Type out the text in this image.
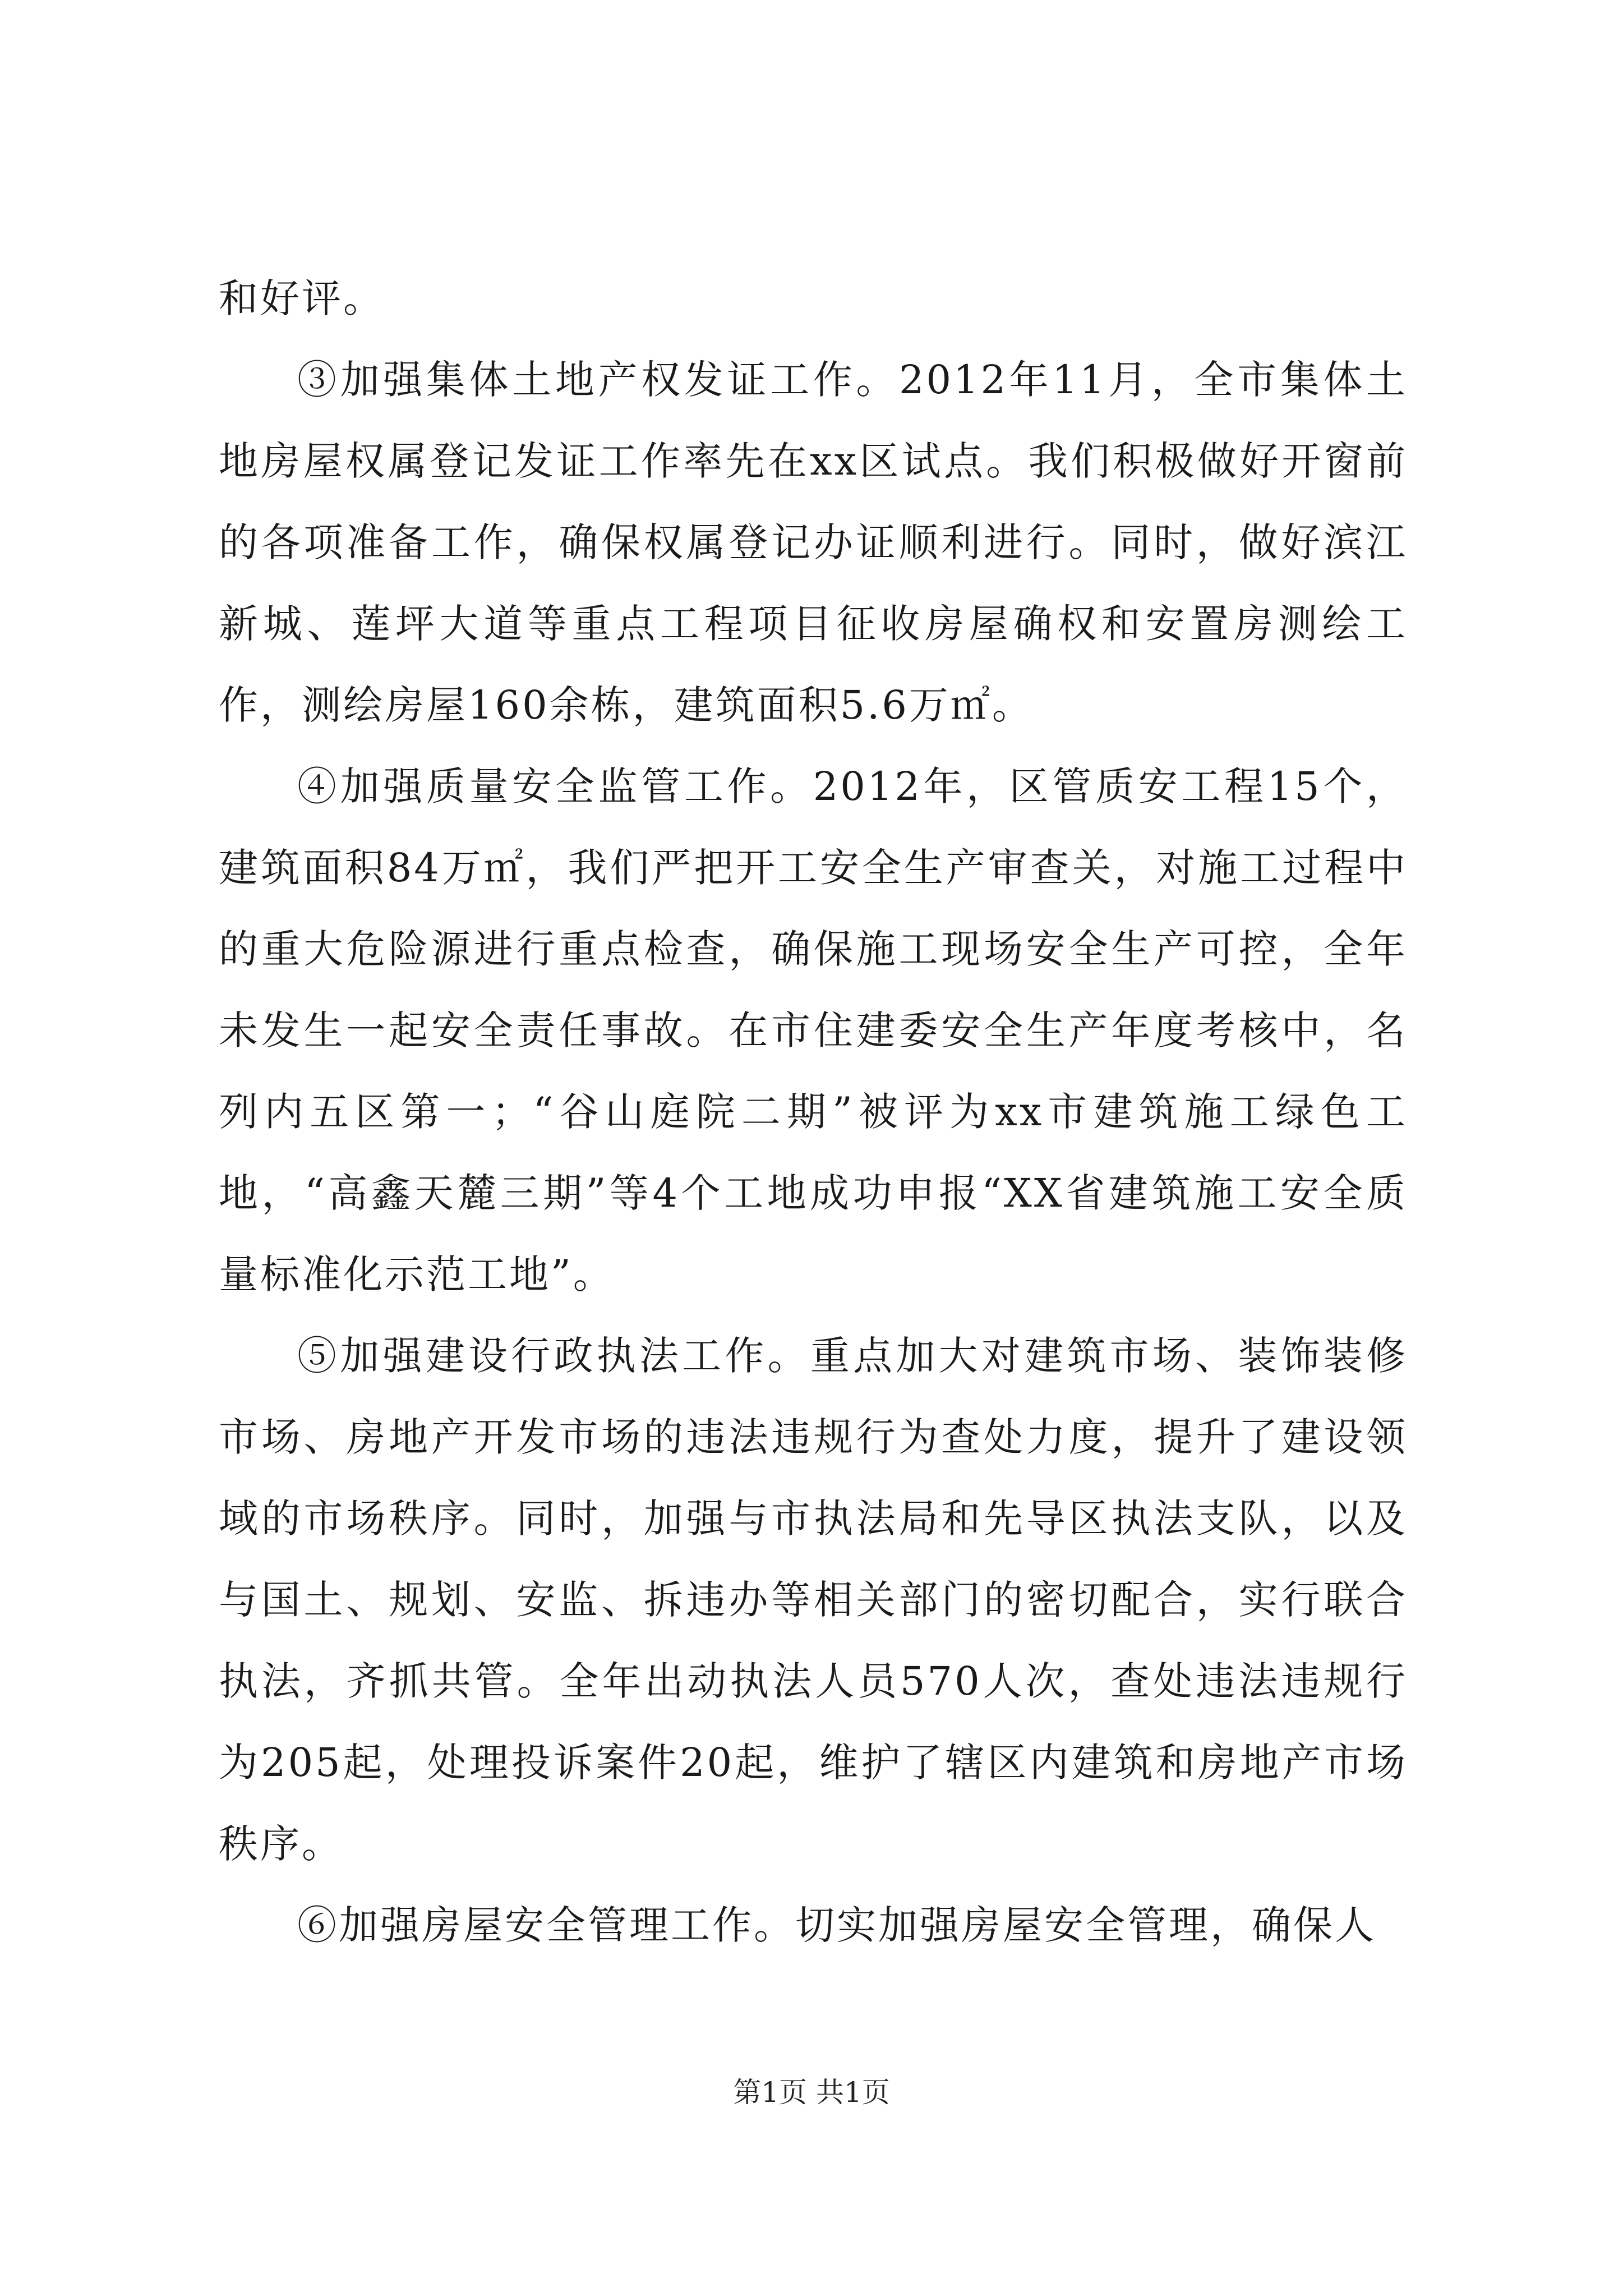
和好评。

③加强集体土地产权发证工作。2012年11月，全市集体土地房屋权属登记发证工作率先在xx区试点。我们积极做好开窗前的各项准备工作，确保权属登记办证顺利进行。同时，做好滨江新城、莲坪大道等重点工程项目征收房屋确权和安置房测绘工作，测绘房屋160余栋，建筑面积5.6万㎡。

④加强质量安全监管工作。2012年，区管质安工程15个，建筑面积84万㎡，我们严把开工安全生产审查关，对施工过程中的重大危险源进行重点检查，确保施工现场安全生产可控，全年未发生一起安全责任事故。在市住建委安全生产年度考核中，名列内五区第一；“谷山庭院二期”被评为xx市建筑施工绿色工地，“高鑫天麓三期”等4个工地成功申报“XX省建筑施工安全质量标准化示范工地”。

⑤加强建设行政执法工作。重点加大对建筑市场、装饰装修市场、房地产开发市场的违法违规行为查处力度，提升了建设领域的市场秩序。同时，加强与市执法局和先导区执法支队，以及与国土、规划、安监、拆违办等相关部门的密切配合，实行联合执法，齐抓共管。全年出动执法人员570人次，查处违法违规行为205起，处理投诉案件20起，维护了辖区内建筑和房地产市场秩序。

⑥加强房屋安全管理工作。切实加强房屋安全管理，确保人

第1页 共1页
